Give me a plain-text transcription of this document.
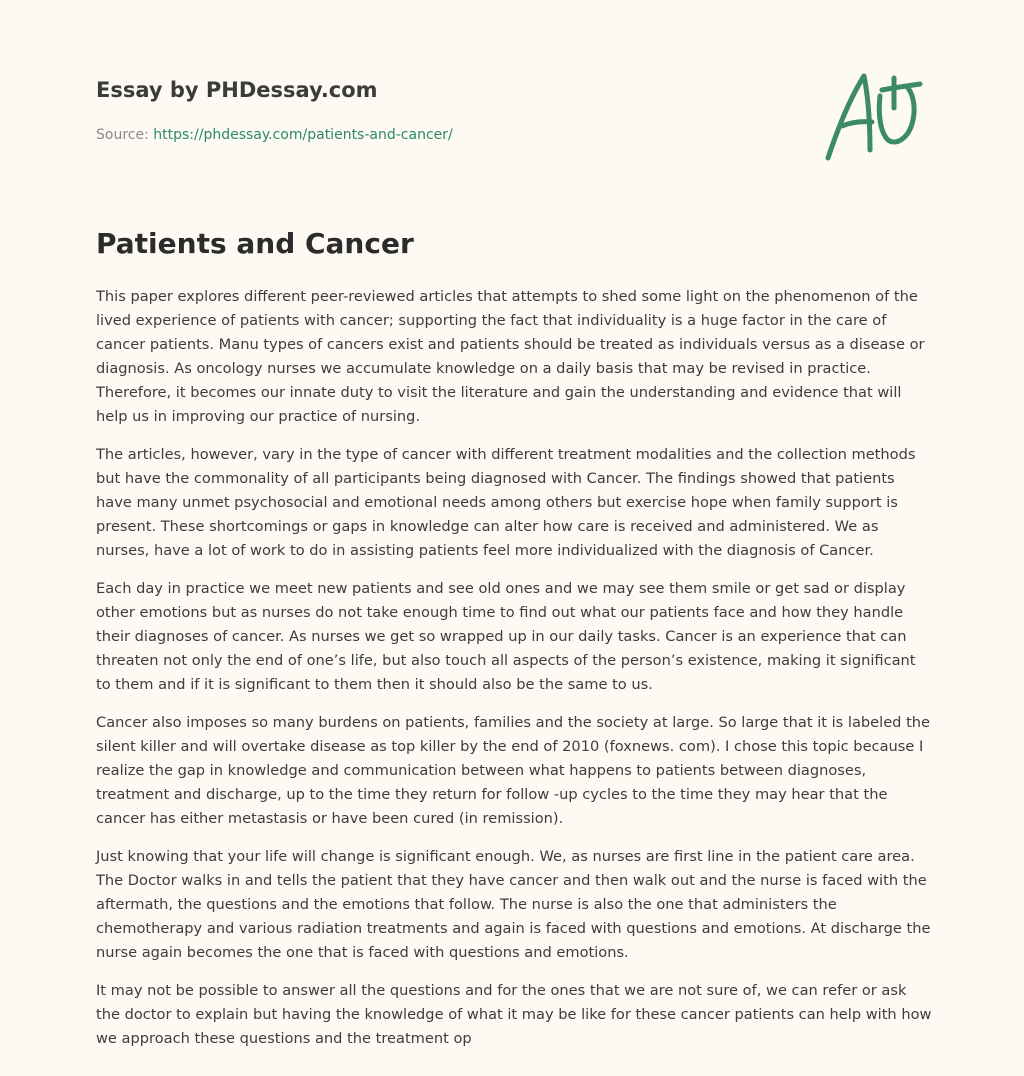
Essay by PHDessay.com
Source: https://phdessay.com/patients-and-cancer/
Patients and Cancer

This paper explores different peer-reviewed articles that attempts to shed some light on the phenomenon of the lived experience of patients with cancer; supporting the fact that individuality is a huge factor in the care of cancer patients. Manu types of cancers exist and patients should be treated as individuals versus as a disease or diagnosis. As oncology nurses we accumulate knowledge on a daily basis that may be revised in practice. Therefore, it becomes our innate duty to visit the literature and gain the understanding and evidence that will help us in improving our practice of nursing.

The articles, however, vary in the type of cancer with different treatment modalities and the collection methods but have the commonality of all participants being diagnosed with Cancer. The findings showed that patients have many unmet psychosocial and emotional needs among others but exercise hope when family support is present. These shortcomings or gaps in knowledge can alter how care is received and administered. We as nurses, have a lot of work to do in assisting patients feel more individualized with the diagnosis of Cancer.

Each day in practice we meet new patients and see old ones and we may see them smile or get sad or display other emotions but as nurses do not take enough time to find out what our patients face and how they handle their diagnoses of cancer. As nurses we get so wrapped up in our daily tasks. Cancer is an experience that can threaten not only the end of one’s life, but also touch all aspects of the person’s existence, making it significant to them and if it is significant to them then it should also be the same to us.

Cancer also imposes so many burdens on patients, families and the society at large. So large that it is labeled the silent killer and will overtake disease as top killer by the end of 2010 (foxnews. com). I chose this topic because I realize the gap in knowledge and communication between what happens to patients between diagnoses, treatment and discharge, up to the time they return for follow -up cycles to the time they may hear that the cancer has either metastasis or have been cured (in remission).

Just knowing that your life will change is significant enough. We, as nurses are first line in the patient care area. The Doctor walks in and tells the patient that they have cancer and then walk out and the nurse is faced with the aftermath, the questions and the emotions that follow. The nurse is also the one that administers the chemotherapy and various radiation treatments and again is faced with questions and emotions. At discharge the nurse again becomes the one that is faced with questions and emotions.

It may not be possible to answer all the questions and for the ones that we are not sure of, we can refer or ask the doctor to explain but having the knowledge of what it may be like for these cancer patients can help with how we approach these questions and the treatment op
